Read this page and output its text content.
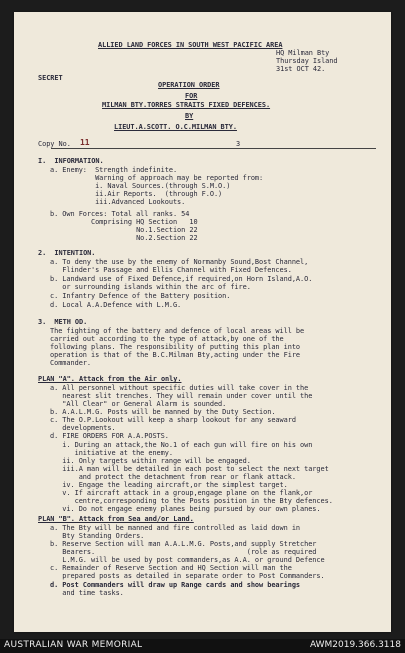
ALLIED LAND FORCES IN SOUTH WEST PACIFIC AREA
HQ Milman Bty
Thursday Island
31st OCT 42.
SECRET
OPERATION ORDER
FOR
MILMAN BTY.TORRES STRAITS FIXED DEFENCES.
BY
LIEUT.A.SCOTT. O.C.MILMAN BTY.
Copy No. 11	3
I.  INFORMATION.
a. Enemy:  Strength indefinite.
Warning of approach may be reported from:
i. Naval Sources.(through S.M.O.)
ii.Air Reports.  (through F.O.)
iii.Advanced Lookouts.
b. Own Forces: Total all ranks. 54
Comprising HQ Section   10
No.1.Section 22
No.2.Section 22
2.  INTENTION.
a. To deny the use by the enemy of Normanby Sound,Bost Channel,
Flinder's Passage and Ellis Channel with Fixed Defences.
b. Landward use of Fixed Defence,if required,on Horn Island,A.O.
or surrounding islands within the arc of fire.
c. Infantry Defence of the Battery position.
d. Local A.A.Defence with L.M.G.
3.  METH OD.
The fighting of the battery and defence of local areas will be
carried out according to the type of attack,by one of the
following plans. The responsibility of putting this plan into
operation is that of the B.C.Milman Bty,acting under the Fire
Commander.
PLAN "A". Attack from the Air only.
a. All personnel without specific duties will take cover in the
nearest slit trenches. They will remain under cover until the
"All Clear" or General Alarm is sounded.
b. A.A.L.M.G. Posts will be manned by the Duty Section.
c. The O.P.Lookout will keep a sharp lookout for any seaward
developments.
d. FIRE ORDERS FOR A.A.POSTS.
i. During an attack,the No.1 of each gun will fire on his own
initiative at the enemy.
ii. Only targets within range will be engaged.
iii.A man will be detailed in each post to select the next target
and protect the detachment from rear or flank attack.
iv. Engage the leading aircraft,or the simplest target.
v. If aircraft attack in a group,engage plane on the flank,or
centre,corresponding to the Posts position in the Bty defences.
vi. Do not engage enemy planes being pursued by our own planes.
PLAN "B". Attack from Sea and/or Land.
a. The Bty will be manned and fire controlled as laid down in
Bty Standing Orders.
b. Reserve Section will man A.A.L.M.G. Posts,and supply Stretcher
Bearers.                                     (role as required
L.M.G. will be used by post commanders,as A.A. or ground Defence
c. Remainder of Reserve Section and HQ Section will man the
prepared posts as detailed in separate order to Post Commanders.
d. Post Commanders will draw up Range cards and show bearings
and time tasks.
AUSTRALIAN WAR MEMORIAL	AWM2019.366.3118
